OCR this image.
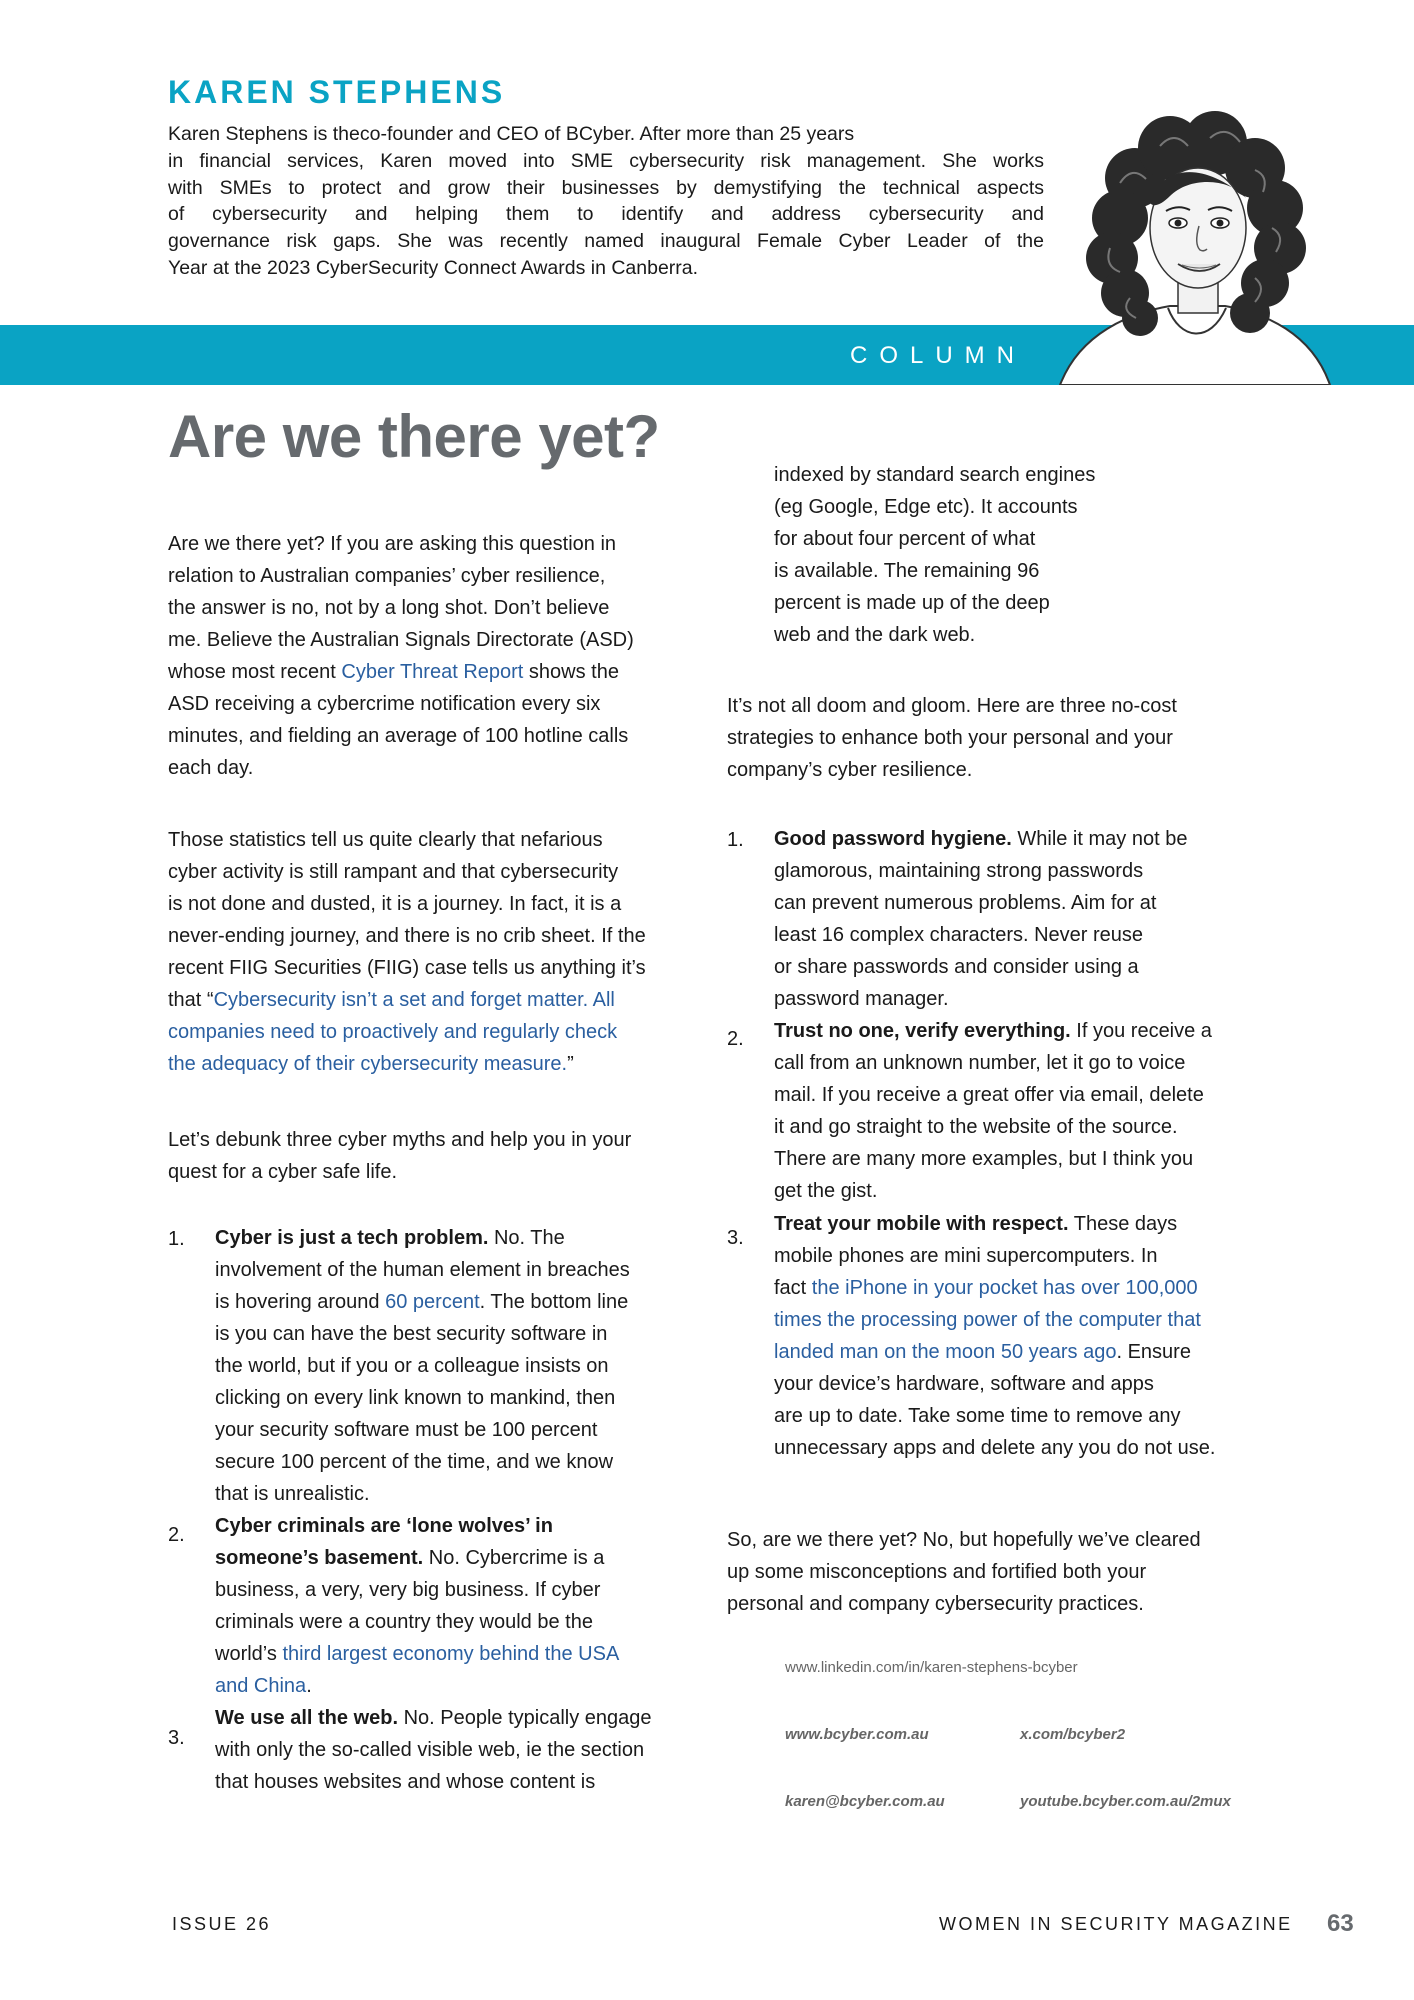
KAREN STEPHENS
Karen Stephens is theco-founder and CEO of BCyber. After more than 25 years
in financial services, Karen moved into SME cybersecurity risk management. She works
with SMEs to protect and grow their businesses by demystifying the technical aspects
of cybersecurity and helping them to identify and address cybersecurity and
governance risk gaps. She was recently named inaugural Female Cyber Leader of the
Year at the 2023 CyberSecurity Connect Awards in Canberra.
COLUMN
Are we there yet?
Are we there yet? If you are asking this question in
relation to Australian companies’ cyber resilience,
the answer is no, not by a long shot. Don’t believe
me. Believe the Australian Signals Directorate (ASD)
whose most recent Cyber Threat Report shows the
ASD receiving a cybercrime notification every six
minutes, and fielding an average of 100 hotline calls
each day.
Those statistics tell us quite clearly that nefarious
cyber activity is still rampant and that cybersecurity
is not done and dusted, it is a journey. In fact, it is a
never-ending journey, and there is no crib sheet. If the
recent FIIG Securities (FIIG) case tells us anything it’s
that “Cybersecurity isn’t a set and forget matter. All
companies need to proactively and regularly check
the adequacy of their cybersecurity measure.”
Let’s debunk three cyber myths and help you in your
quest for a cyber safe life.
1. Cyber is just a tech problem. No. The
involvement of the human element in breaches
is hovering around 60 percent. The bottom line
is you can have the best security software in
the world, but if you or a colleague insists on
clicking on every link known to mankind, then
your security software must be 100 percent
secure 100 percent of the time, and we know
that is unrealistic.
2. Cyber criminals are ‘lone wolves’ in
someone’s basement. No. Cybercrime is a
business, a very, very big business. If cyber
criminals were a country they would be the
world’s third largest economy behind the USA
and China.
3.
We use all the web. No. People typically engage
with only the so-called visible web, ie the section
that houses websites and whose content is
indexed by standard search engines
(eg Google, Edge etc). It accounts
for about four percent of what
is available. The remaining 96
percent is made up of the deep
web and the dark web.
It’s not all doom and gloom. Here are three no-cost
strategies to enhance both your personal and your
company’s cyber resilience.
1. Good password hygiene. While it may not be
glamorous, maintaining strong passwords
can prevent numerous problems. Aim for at
least 16 complex characters. Never reuse
or share passwords and consider using a
password manager.
2. Trust no one, verify everything. If you receive a
call from an unknown number, let it go to voice
mail. If you receive a great offer via email, delete
it and go straight to the website of the source.
There are many more examples, but I think you
get the gist.
3.
Treat your mobile with respect. These days
mobile phones are mini supercomputers. In
fact the iPhone in your pocket has over 100,000
times the processing power of the computer that
landed man on the moon 50 years ago. Ensure
your device’s hardware, software and apps
are up to date. Take some time to remove any
unnecessary apps and delete any you do not use.
So, are we there yet? No, but hopefully we’ve cleared
up some misconceptions and fortified both your
personal and company cybersecurity practices.
www.linkedin.com/in/karen-stephens-bcyber
www.bcyber.com.au	x.com/bcyber2
karen@bcyber.com.au	youtube.bcyber.com.au/2mux
ISSUE 26	WOMEN IN SECURITY MAGAZINE 63
